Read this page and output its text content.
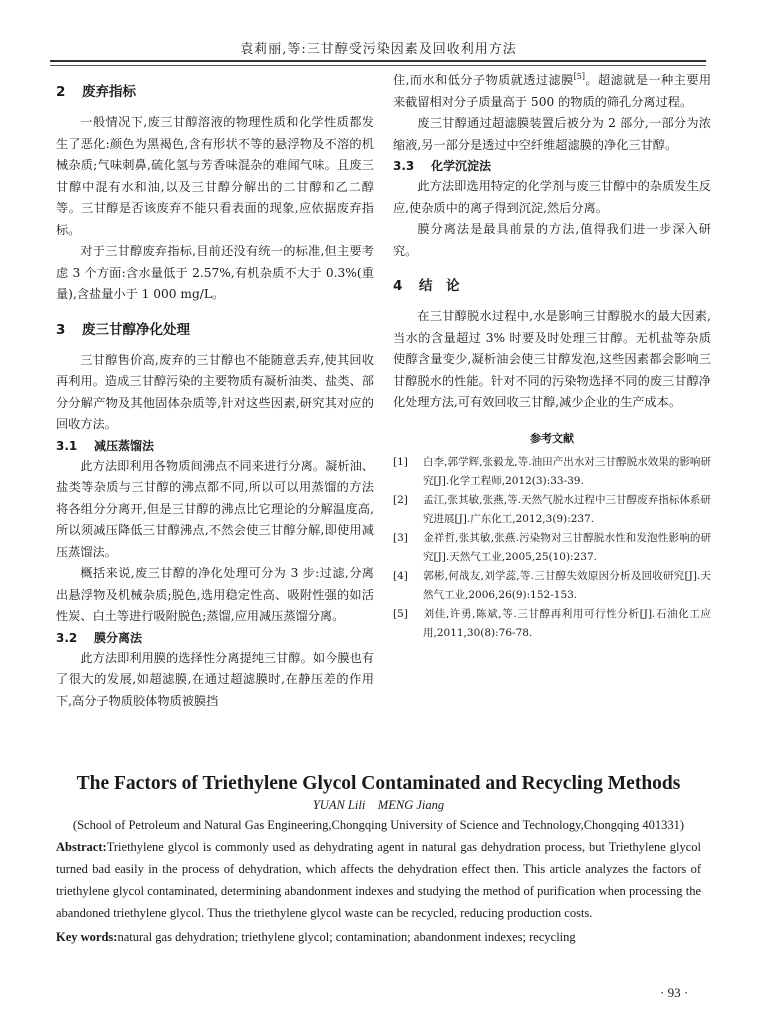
袁莉丽,等:三甘醇受污染因素及回收利用方法
2 废弃指标

一般情况下,废三甘醇溶液的物理性质和化学性质都发生了恶化:颜色为黑褐色,含有形状不等的悬浮物及不溶的机械杂质;气味刺鼻,硫化氢与芳香味混杂的难闻气味。且废三甘醇中混有水和油,以及三甘醇分解出的二甘醇和乙二醇等。三甘醇是否该废弃不能只看表面的现象,应依据废弃指标。

对于三甘醇废弃指标,目前还没有统一的标准,但主要考虑 3 个方面:含水量低于 2.57%,有机杂质不大于 0.3%(重量),含盐量小于 1 000 mg/L。

3 废三甘醇净化处理

三甘醇售价高,废弃的三甘醇也不能随意丢弃,使其回收再利用。造成三甘醇污染的主要物质有凝析油类、盐类、部分分解产物及其他固体杂质等,针对这些因素,研究其对应的回收方法。

3.1 减压蒸馏法

此方法即利用各物质间沸点不同来进行分离。凝析油、盐类等杂质与三甘醇的沸点都不同,所以可以用蒸馏的方法将各组分分离开,但是三甘醇的沸点比它理论的分解温度高,所以须减压降低三甘醇沸点,不然会使三甘醇分解,即使用减压蒸馏法。

概括来说,废三甘醇的净化处理可分为 3 步:过滤,分离出悬浮物及机械杂质;脱色,选用稳定性高、吸附性强的如活性炭、白土等进行吸附脱色;蒸馏,应用减压蒸馏分离。

3.2 膜分离法

此方法即利用膜的选择性分离提纯三甘醇。如今膜也有了很大的发展,如超滤膜,在通过超滤膜时,在静压差的作用下,高分子物质胶体物质被膜挡

住,而水和低分子物质就透过滤膜[5]。超滤就是一种主要用来截留相对分子质量高于 500 的物质的筛孔分离过程。

废三甘醇通过超滤膜装置后被分为 2 部分,一部分为浓缩液,另一部分是透过中空纤维超滤膜的净化三甘醇。

3.3 化学沉淀法

此方法即选用特定的化学剂与废三甘醇中的杂质发生反应,使杂质中的离子得到沉淀,然后分离。

膜分离法是最具前景的方法,值得我们进一步深入研究。

4 结　论

在三甘醇脱水过程中,水是影响三甘醇脱水的最大因素,当水的含量超过 3% 时要及时处理三甘醇。无机盐等杂质使醇含量变少,凝析油会使三甘醇发泡,这些因素都会影响三甘醇脱水的性能。针对不同的污染物选择不同的废三甘醇净化处理方法,可有效回收三甘醇,减少企业的生产成本。

参考文献
[1] 白李,郭学辉,张毅龙,等.油田产出水对三甘醇脱水效果的影响研究[J].化学工程师,2012(3):33-39.
[2] 孟江,张其敏,张燕,等.天然气脱水过程中三甘醇废弃指标体系研究进展[J].广东化工,2012,3(9):237.
[3] 金祥哲,张其敏,张燕.污染物对三甘醇脱水性和发泡性影响的研究[J].天然气工业,2005,25(10):237.
[4] 郭彬,何战友,刘学蕊,等.三甘醇失效原因分析及回收研究[J].天然气工业,2006,26(9):152-153.
[5] 刘佳,许勇,陈斌,等.三甘醇再利用可行性分析[J].石油化工应用,2011,30(8):76-78.
The Factors of Triethylene Glycol Contaminated and Recycling Methods
YUAN Lili　MENG Jiang
(School of Petroleum and Natural Gas Engineering,Chongqing University of Science and Technology,Chongqing 401331)
Abstract:Triethylene glycol is commonly used as dehydrating agent in natural gas dehydration process, but Triethylene glycol turned bad easily in the process of dehydration, which affects the dehydration effect then. This article analyzes the factors of triethylene glycol contaminated, determining abandonment indexes and studying the method of purification when processing the abandoned triethylene glycol. Thus the triethylene glycol waste can be recycled, reducing production costs.
Key words:natural gas dehydration; triethylene glycol; contamination; abandonment indexes; recycling
· 93 ·
